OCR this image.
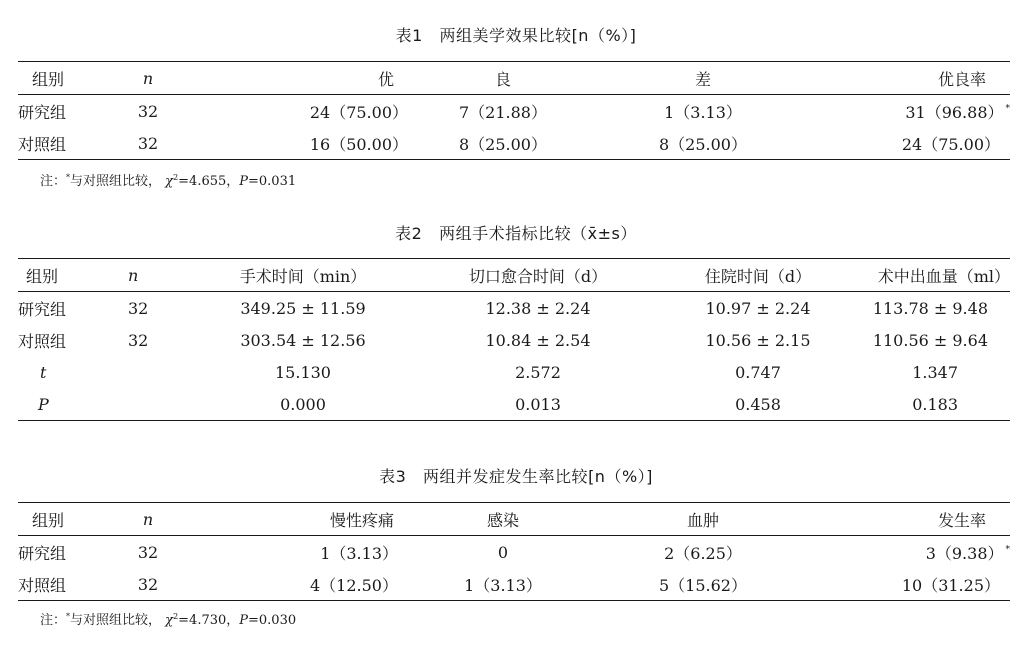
表1 两组美学效果比较[n（%）]
组别	n	优	良	差	优良率
研究组	32	24（75.00）	7（21.88）	1（3.13）	31（96.88） *
对照组	32	16（50.00）	8（25.00）	8（25.00）	24（75.00）
注：*与对照组比较， $\chi^2=4.655$，P=0.031
表2 两组手术指标比较（x̄±s）
组别	n	手术时间（min）	切口愈合时间（d）	住院时间（d）	术中出血量（ml）
研究组	32	349.25 ± 11.59	12.38 ± 2.24	10.97 ± 2.24	113.78 ± 9.48
对照组	32	303.54 ± 12.56	10.84 ± 2.54	10.56 ± 2.15	110.56 ± 9.64
t		15.130	2.572	0.747	1.347
P		0.000	0.013	0.458	0.183
表3 两组并发症发生率比较[n（%）]
组别	n	慢性疼痛	感染	血肿	发生率
研究组	32	1（3.13）	0	2（6.25）	3（9.38） *
对照组	32	4（12.50）	1（3.13）	5（15.62）	10（31.25）
注：*与对照组比较， $\chi^2=4.730$，P=0.030
